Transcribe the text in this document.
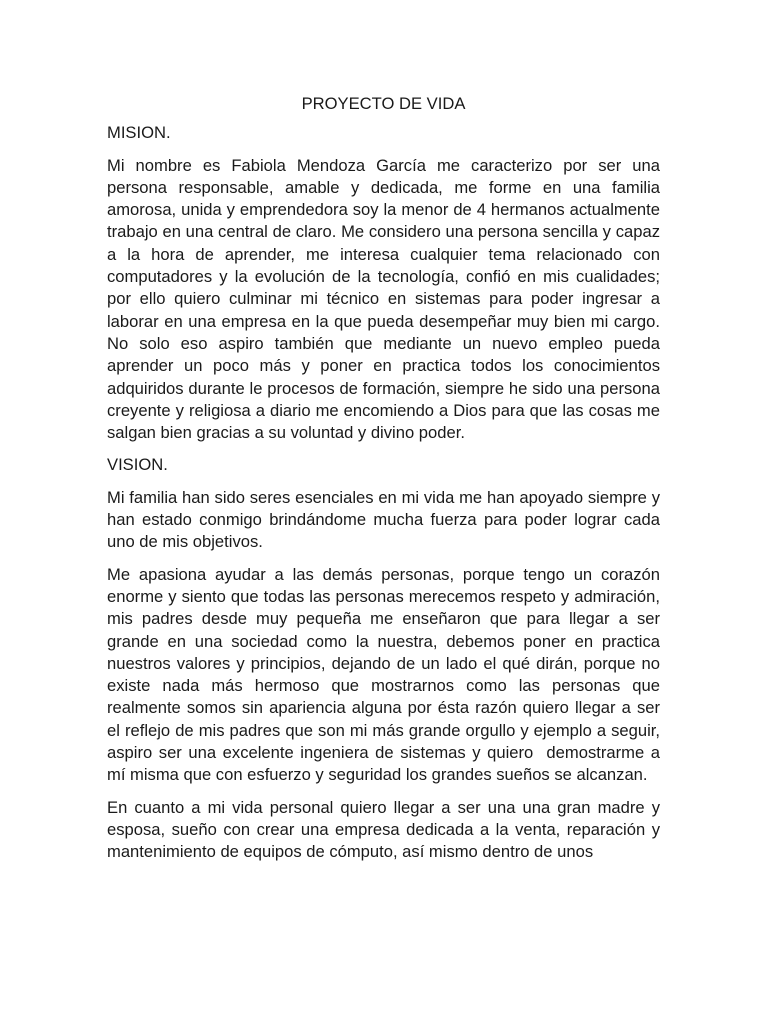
PROYECTO DE VIDA
MISION.
Mi nombre es Fabiola Mendoza García me caracterizo por ser una persona responsable, amable y dedicada, me forme en una familia amorosa, unida y emprendedora soy la menor de 4 hermanos actualmente trabajo en una central de claro. Me considero una persona sencilla y capaz a la hora de aprender, me interesa cualquier tema relacionado con computadores y la evolución de la tecnología, confió en mis cualidades; por ello quiero culminar mi técnico en sistemas para poder ingresar a laborar en una empresa en la que pueda desempeñar muy bien mi cargo. No solo eso aspiro también que mediante un nuevo empleo pueda aprender un poco más y poner en practica todos los conocimientos adquiridos durante le procesos de formación, siempre he sido una persona creyente y religiosa a diario me encomiendo a Dios para que las cosas me salgan bien gracias a su voluntad y divino poder.
VISION.
Mi familia han sido seres esenciales en mi vida me han apoyado siempre y han estado conmigo brindándome mucha fuerza para poder lograr cada uno de mis objetivos.
Me apasiona ayudar a las demás personas, porque tengo un corazón enorme y siento que todas las personas merecemos respeto y admiración, mis padres desde muy pequeña me enseñaron que para llegar a ser grande en una sociedad como la nuestra, debemos poner en practica nuestros valores y principios, dejando de un lado el qué dirán, porque no existe nada más hermoso que mostrarnos como las personas que realmente somos sin apariencia alguna por ésta razón quiero llegar a ser el reflejo de mis padres que son mi más grande orgullo y ejemplo a seguir, aspiro ser una excelente ingeniera de sistemas y quiero  demostrarme a mí misma que con esfuerzo y seguridad los grandes sueños se alcanzan.
En cuanto a mi vida personal quiero llegar a ser una una gran madre y esposa, sueño con crear una empresa dedicada a la venta, reparación y mantenimiento de equipos de cómputo, así mismo dentro de unos
